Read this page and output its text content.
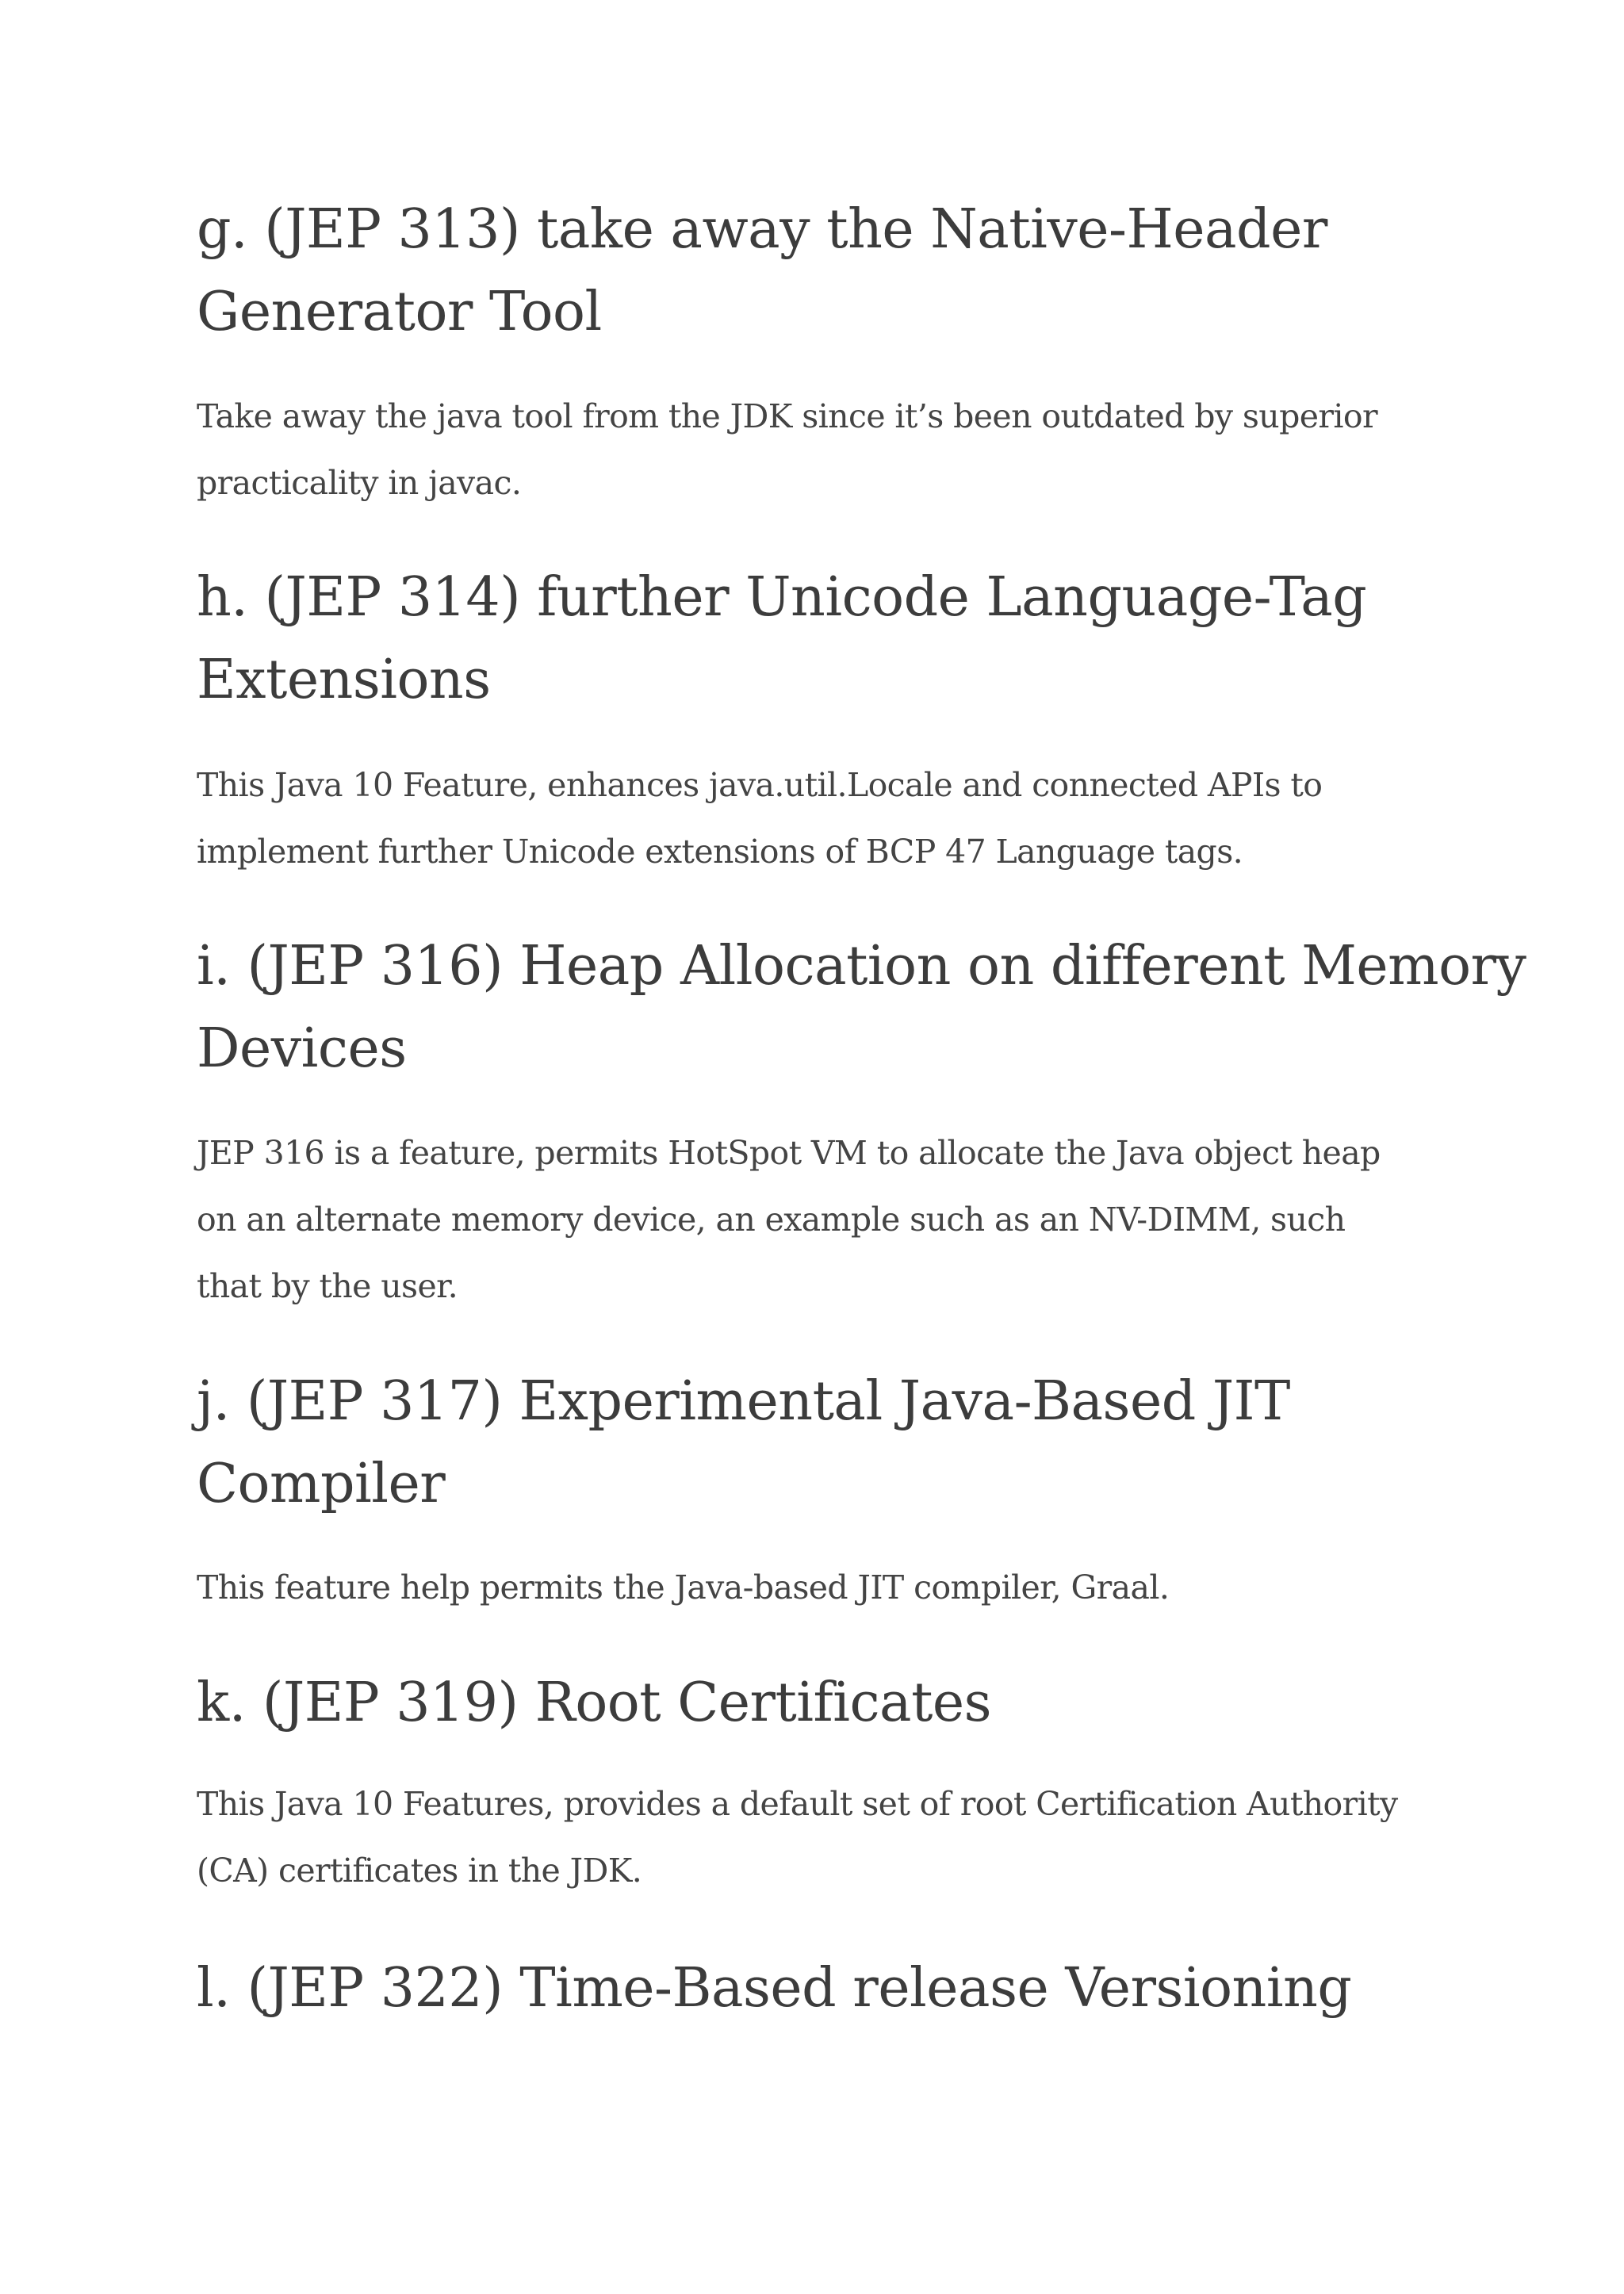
g. (JEP 313) take away the Native-Header
Generator Tool

Take away the java tool from the JDK since it’s been outdated by superior
practicality in javac.

h. (JEP 314) further Unicode Language-Tag
Extensions

This Java 10 Feature, enhances java.util.Locale and connected APIs to
implement further Unicode extensions of BCP 47 Language tags.

i. (JEP 316) Heap Allocation on different Memory
Devices

JEP 316 is a feature, permits HotSpot VM to allocate the Java object heap
on an alternate memory device, an example such as an NV-DIMM, such
that by the user.

j. (JEP 317) Experimental Java-Based JIT
Compiler

This feature help permits the Java-based JIT compiler, Graal.

k. (JEP 319) Root Certificates

This Java 10 Features, provides a default set of root Certification Authority
(CA) certificates in the JDK.

l. (JEP 322) Time-Based release Versioning
